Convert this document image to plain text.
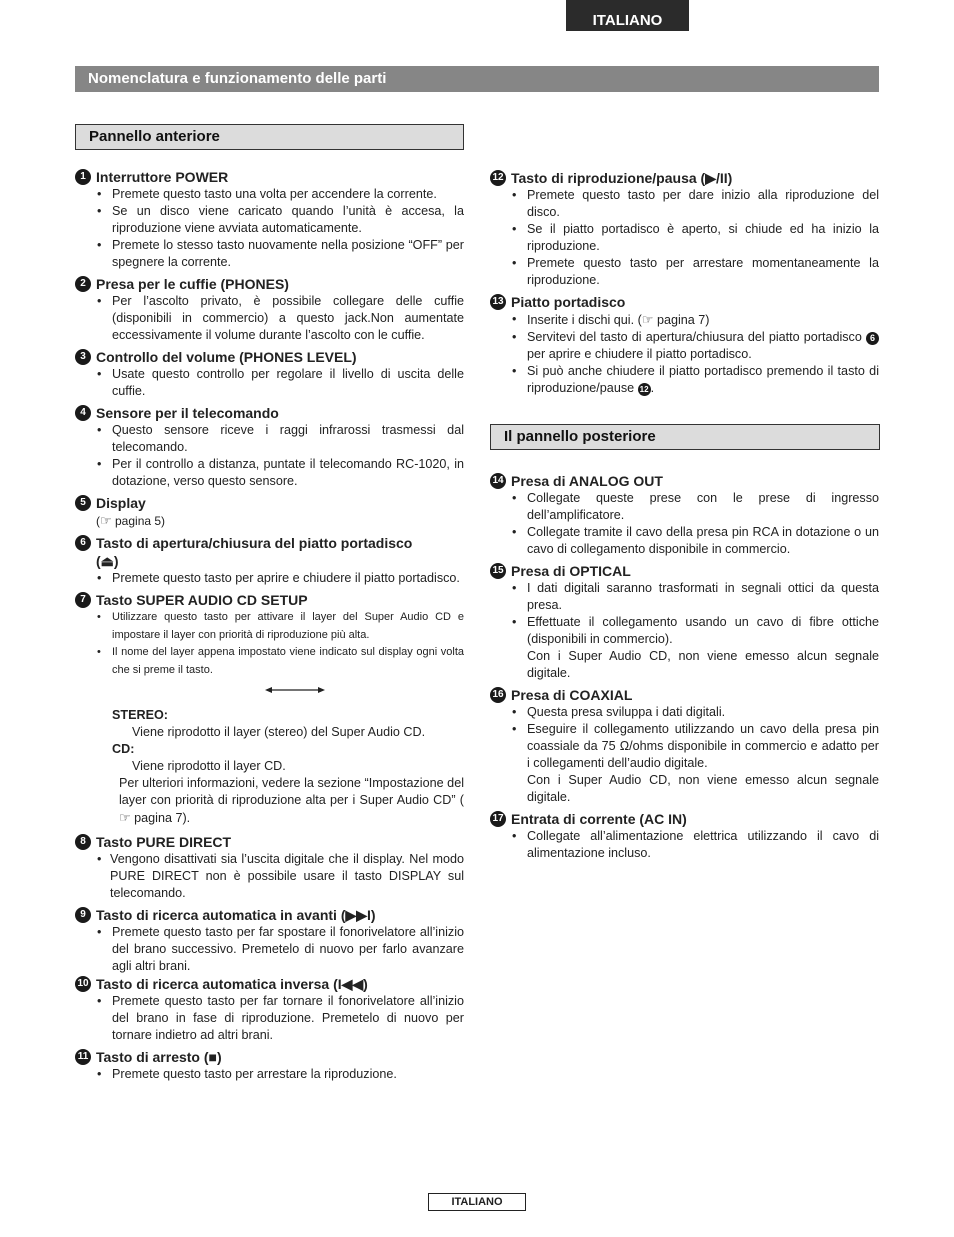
ITALIANO
Nomenclatura e funzionamento delle parti
Pannello anteriore
Il pannello posteriore
1 Interruttore POWER
• Premete questo tasto una volta per accendere la corrente.
• Se un disco viene caricato quando l’unità è accesa, la riproduzione viene avviata automaticamente.
• Premete lo stesso tasto nuovamente nella posizione “OFF” per spegnere la corrente.
2 Presa per le cuffie (PHONES)
• Per l’ascolto privato, è possibile collegare delle cuffie (disponibili in commercio) a questo jack.Non aumentate eccessivamente il volume durante l’ascolto con le cuffie.
3 Controllo del volume (PHONES LEVEL)
• Usate questo controllo per regolare il livello di uscita delle cuffie.
4 Sensore per il telecomando
• Questo sensore riceve i raggi infrarossi trasmessi dal telecomando.
• Per il controllo a distanza, puntate il telecomando RC-1020, in dotazione, verso questo sensore.
5 Display
(☞ pagina 5)
6 Tasto di apertura/chiusura del piatto portadisco
(⏏)
• Premete questo tasto per aprire e chiudere il piatto portadisco.
7 Tasto SUPER AUDIO CD SETUP
• Utilizzare questo tasto per attivare il layer del Super Audio CD e impostare il layer con priorità di riproduzione più alta.
• Il nome del layer appena impostato viene indicato sul display ogni volta che si preme il tasto.
STEREO:
Viene riprodotto il layer (stereo) del Super Audio CD.
CD:
Viene riprodotto il layer CD.
Per ulteriori informazioni, vedere la sezione “Impostazione del layer con priorità di riproduzione alta per i Super Audio CD” (☞ pagina 7).
8 Tasto PURE DIRECT
• Vengono disattivati sia l’uscita digitale che il display. Nel modo PURE DIRECT non è possibile usare il tasto DISPLAY sul telecomando.
9 Tasto di ricerca automatica in avanti (▶▶I)
• Premete questo tasto per far spostare il fonorivelatore all’inizio del brano successivo. Premetelo di nuovo per farlo avanzare agli altri brani.
10 Tasto di ricerca automatica inversa (I◀◀)
• Premete questo tasto per far tornare il fonorivelatore all’inizio del brano in fase di riproduzione. Premetelo di nuovo per tornare indietro ad altri brani.
11 Tasto di arresto (■)
• Premete questo tasto per arrestare la riproduzione.
12 Tasto di riproduzione/pausa (▶/II)
• Premete questo tasto per dare inizio alla riproduzione del disco.
• Se il piatto portadisco è aperto, si chiude ed ha inizio la riproduzione.
• Premete questo tasto per arrestare momentaneamente la riproduzione.
13 Piatto portadisco
• Inserite i dischi qui. (☞ pagina 7)
• Servitevi del tasto di apertura/chiusura del piatto portadisco 6 per aprire e chiudere il piatto portadisco.
• Si può anche chiudere il piatto portadisco premendo il tasto di riproduzione/pause 12 .
14 Presa di ANALOG OUT
• Collegate queste prese con le prese di ingresso dell’amplificatore.
• Collegate tramite il cavo della presa pin RCA in dotazione o un cavo di collegamento disponibile in commercio.
15 Presa di OPTICAL
• I dati digitali saranno trasformati in segnali ottici da questa presa.
• Effettuate il collegamento usando un cavo di fibre ottiche (disponibili in commercio).
Con i Super Audio CD, non viene emesso alcun segnale digitale.
16 Presa di COAXIAL
• Questa presa sviluppa i dati digitali.
• Eseguire il collegamento utilizzando un cavo della presa pin coassiale da 75 Ω/ohms disponibile in commercio e adatto per i collegamenti dell’audio digitale.
Con i Super Audio CD, non viene emesso alcun segnale digitale.
17 Entrata di corrente (AC IN)
• Collegate all’alimentazione elettrica utilizzando il cavo di alimentazione incluso.
ITALIANO
